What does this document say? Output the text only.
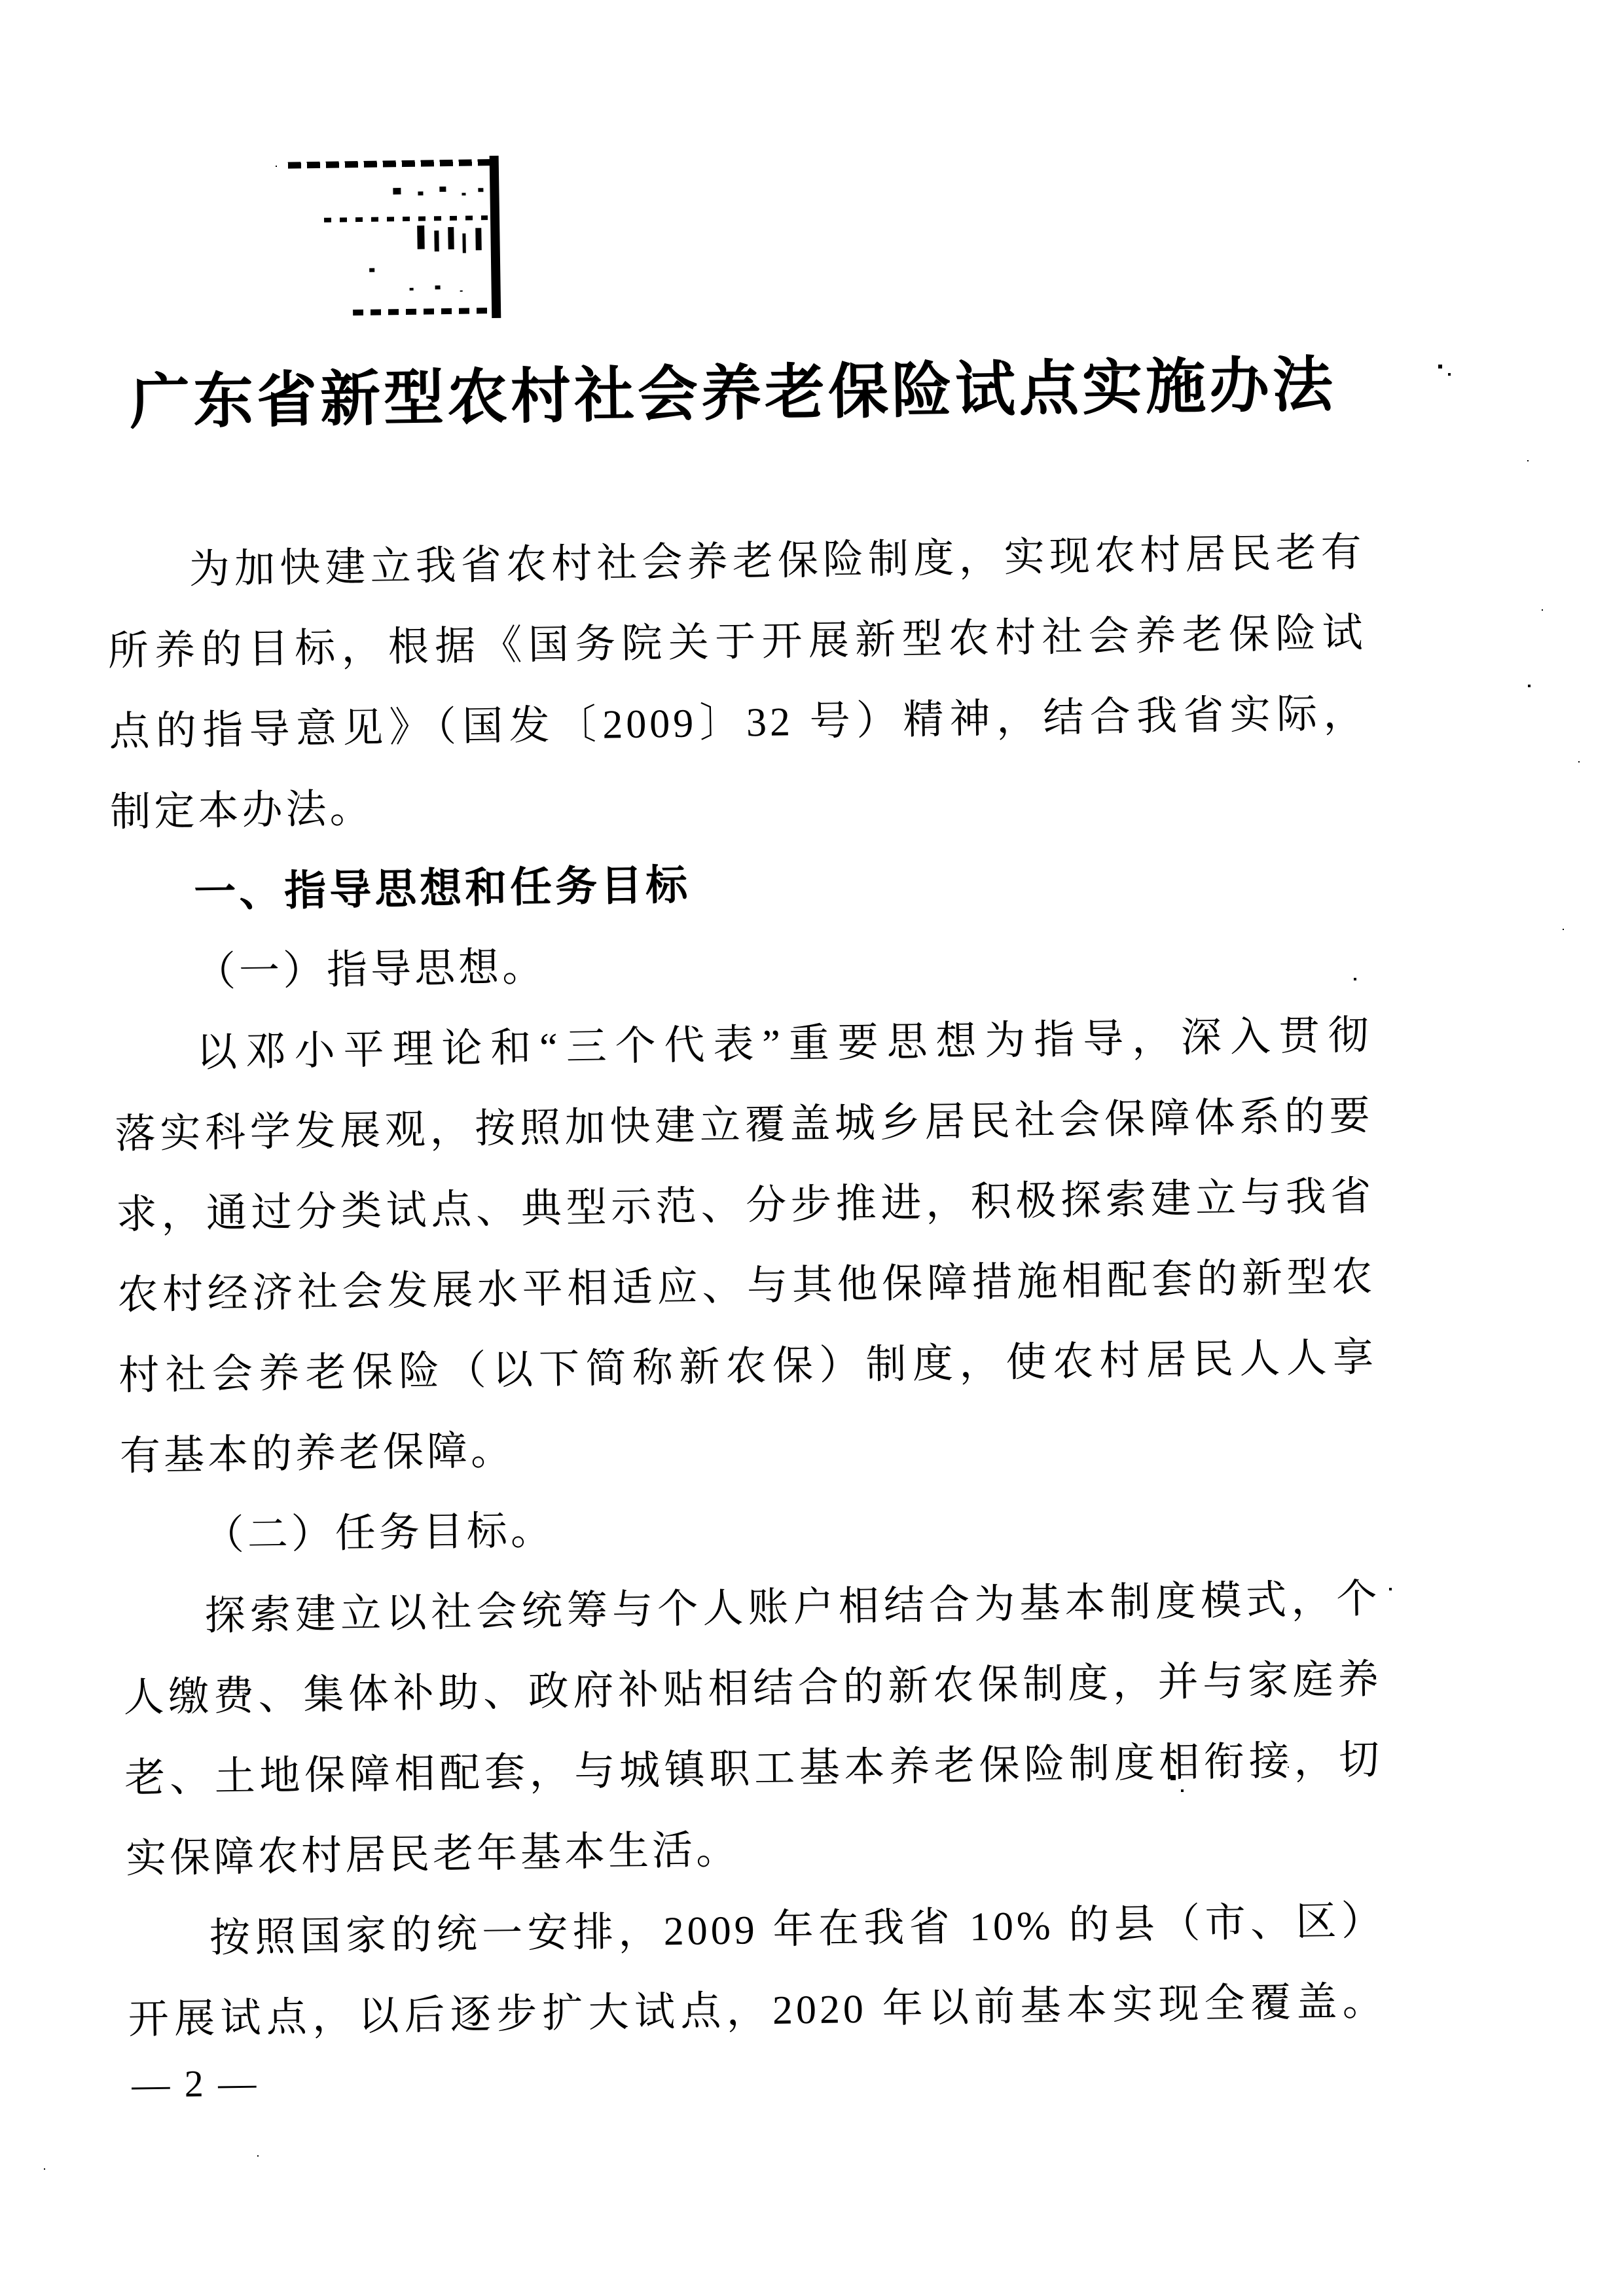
广东省新型农村社会养老保险试点实施办法
为加快建立我省农村社会养老保险制度，实现农村居民老有
所养的目标，根据《国务院关于开展新型农村社会养老保险试
点的指导意见》（国发〔2009〕32 号）精神，结合我省实际，
制定本办法。
一、指导思想和任务目标
（一）指导思想。
以邓小平理论和“三个代表”重要思想为指导，深入贯彻
落实科学发展观，按照加快建立覆盖城乡居民社会保障体系的要
求，通过分类试点、典型示范、分步推进，积极探索建立与我省
农村经济社会发展水平相适应、与其他保障措施相配套的新型农
村社会养老保险（以下简称新农保）制度，使农村居民人人享
有基本的养老保障。
（二）任务目标。
探索建立以社会统筹与个人账户相结合为基本制度模式，个
人缴费、集体补助、政府补贴相结合的新农保制度，并与家庭养
老、土地保障相配套，与城镇职工基本养老保险制度相衔接，切
实保障农村居民老年基本生活。
按照国家的统一安排，2009 年在我省 10% 的县（市、区）
开展试点，以后逐步扩大试点，2020 年以前基本实现全覆盖。
— 2 —
